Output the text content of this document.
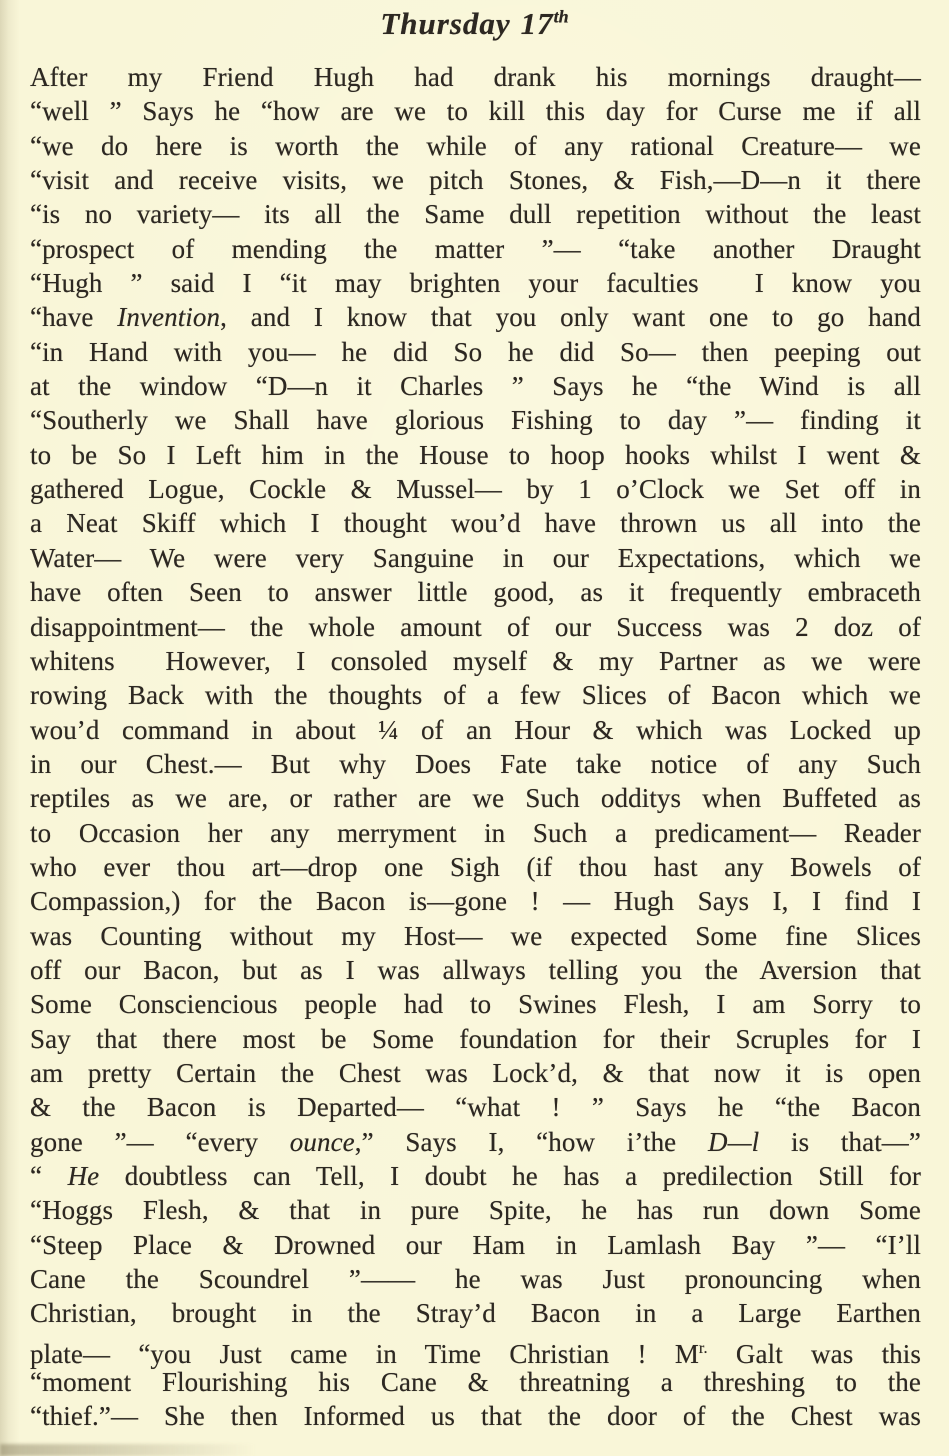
Thursday 17th
After my Friend Hugh had drank his mornings draught—
“well ” Says he “how are we to kill this day for Curse me if all
“we do here is worth the while of any rational Creature— we
“visit and receive visits, we pitch Stones, & Fish,—D—n it there
“is no variety— its all the Same dull repetition without the least
“prospect of mending the matter ”— “take another Draught
“Hugh ” said I “it may brighten your faculties  I know you
“have Invention, and I know that you only want one to go hand
“in Hand with you— he did So he did So— then peeping out
at the window “D—n it Charles ” Says he “the Wind is all
“Southerly we Shall have glorious Fishing to day ”— finding it
to be So I Left him in the House to hoop hooks whilst I went &
gathered Logue, Cockle & Mussel— by 1 o’Clock we Set off in
a Neat Skiff which I thought wou’d have thrown us all into the
Water— We were very Sanguine in our Expectations, which we
have often Seen to answer little good, as it frequently embraceth
disappointment— the whole amount of our Success was 2 doz of
whitens  However, I consoled myself & my Partner as we were
rowing Back with the thoughts of a few Slices of Bacon which we
wou’d command in about ¼ of an Hour & which was Locked up
in our Chest.— But why Does Fate take notice of any Such
reptiles as we are, or rather are we Such odditys when Buffeted as
to Occasion her any merryment in Such a predicament— Reader
who ever thou art—drop one Sigh (if thou hast any Bowels of
Compassion,) for the Bacon is—gone ! — Hugh Says I, I find I
was Counting without my Host— we expected Some fine Slices
off our Bacon, but as I was allways telling you the Aversion that
Some Consciencious people had to Swines Flesh, I am Sorry to
Say that there most be Some foundation for their Scruples for I
am pretty Certain the Chest was Lock’d, & that now it is open
& the Bacon is Departed— “what ! ” Says he “the Bacon
gone ”— “every ounce,” Says I, “how i’the D—l is that—”
“ He doubtless can Tell, I doubt he has a predilection Still for
“Hoggs Flesh, & that in pure Spite, he has run down Some
“Steep Place & Drowned our Ham in Lamlash Bay ”— “I’ll
Cane the Scoundrel ”—— he was Just pronouncing when
Christian, brought in the Stray’d Bacon in a Large Earthen
plate— “you Just came in Time Christian ! $M^{r.}$ Galt was this
“moment Flourishing his Cane & threatning a threshing to the
“thief.”— She then Informed us that the door of the Chest was
